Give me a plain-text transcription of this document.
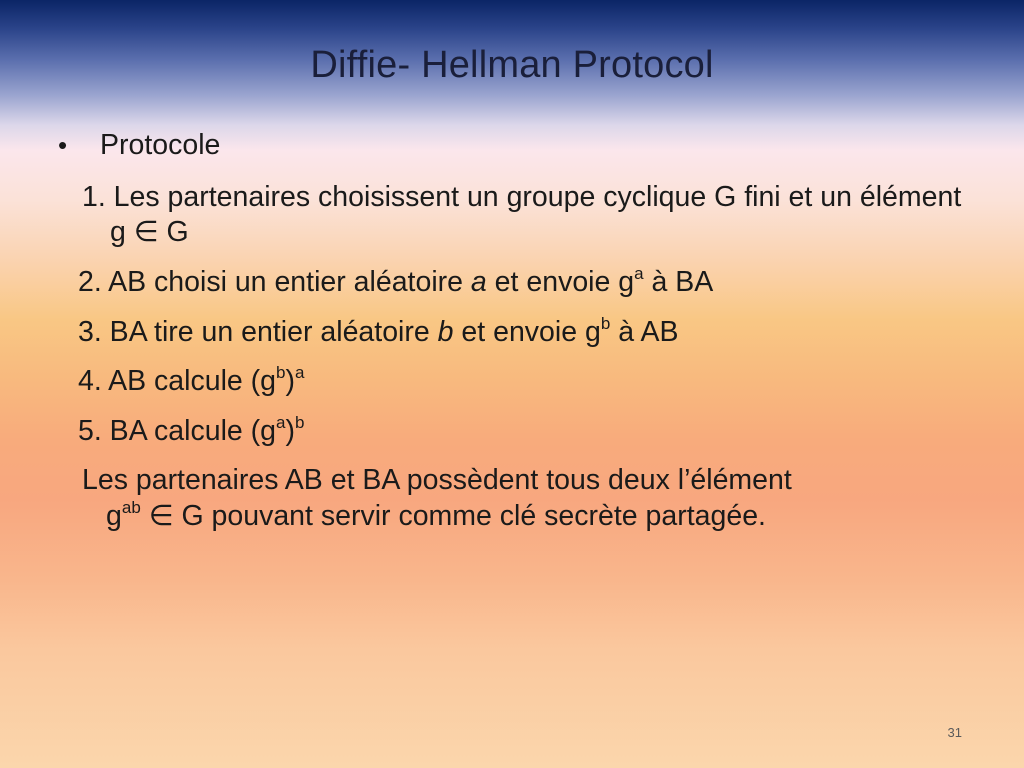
Diffie- Hellman Protocol
•	Protocole
1. Les partenaires choisissent un groupe cyclique G fini et un élément g ∈ G
2. AB choisi un entier aléatoire a et envoie $g^a$ à BA
3. BA tire un entier aléatoire b et envoie $g^b$ à AB
4. AB calcule $(g^b)^a$
5. BA calcule $(g^a)^b$
Les partenaires AB et BA possèdent tous deux l’élément
$g^{ab}$ ∈ G pouvant servir comme clé secrète partagée.
31
